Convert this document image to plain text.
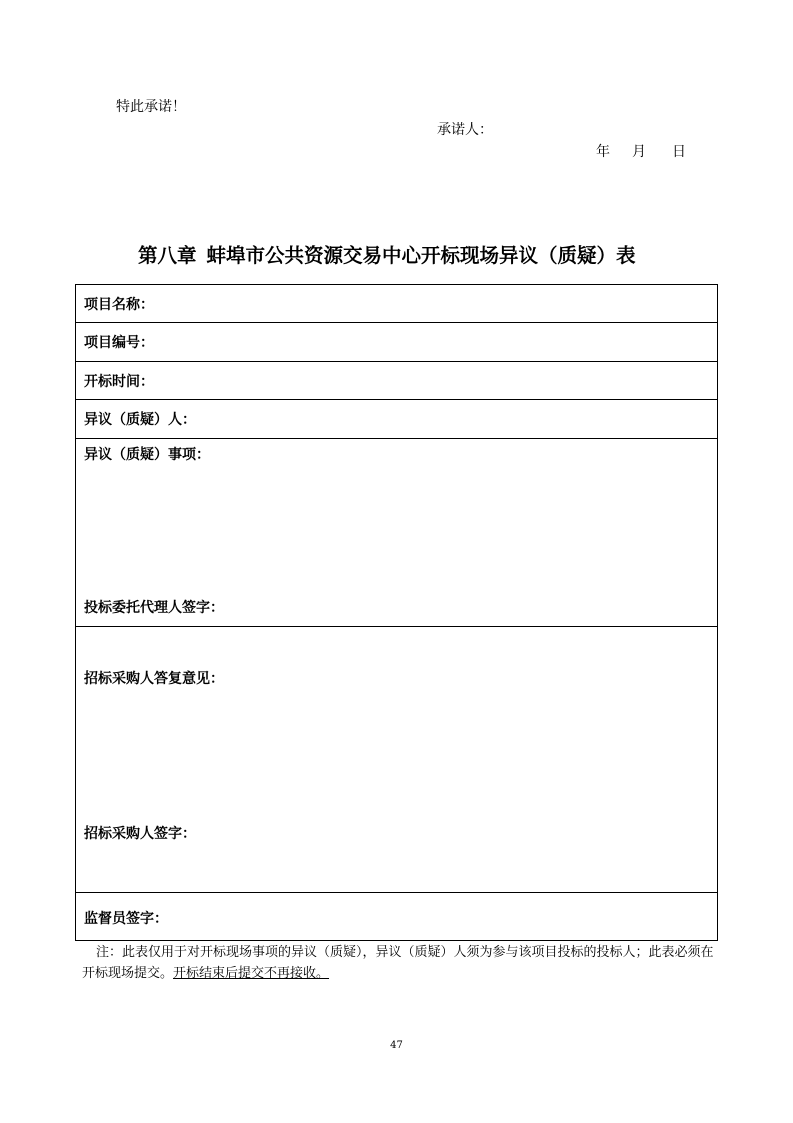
特此承诺！
承诺人：
年 月 日
第八章 蚌埠市公共资源交易中心开标现场异议（质疑）表
项目名称：
项目编号：
开标时间：
异议（质疑）人：
异议（质疑）事项：
投标委托代理人签字：
招标采购人答复意见：
招标采购人签字：
监督员签字：
注：此表仅用于对开标现场事项的异议（质疑），异议（质疑）人须为参与该项目投标的投标人；此表必须在开标现场提交。开标结束后提交不再接收。
47
